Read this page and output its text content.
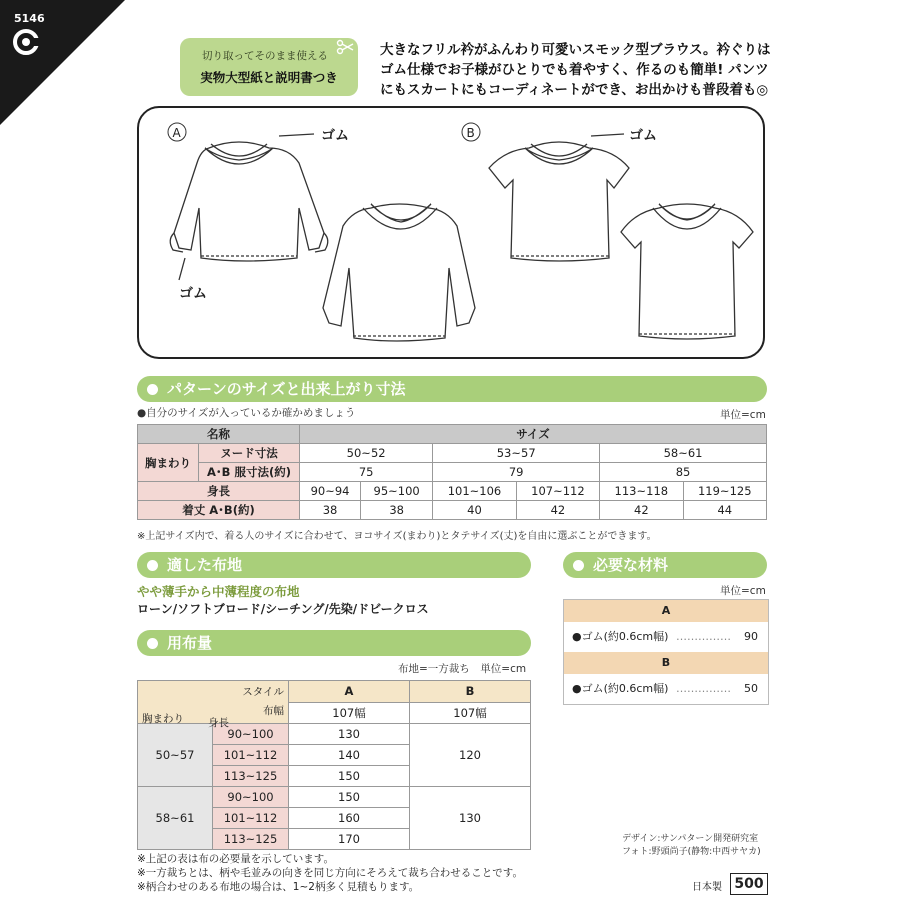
5146
切り取ってそのまま使える
実物大型紙と説明書つき
大きなフリル衿がふんわり可愛いスモック型ブラウス。衿ぐりは
ゴム仕様でお子様がひとりでも着やすく、作るのも簡単! パンツ
にもスカートにもコーディネートができ、お出かけも普段着も◎
A	B
ゴム
ゴム
ゴム
パターンのサイズと出来上がり寸法
●自分のサイズが入っているか確かめましょう	単位=cm
名称		サイズ					
胸まわり	ヌード寸法	50~52		53~57		58~61	
	A･B 服寸法(約)	75		79		85	
身長		90~94	95~100	101~106	107~112	113~118	119~125
着丈 A･B(約)		38	38	40	42	42	44
※上記サイズ内で、着る人のサイズに合わせて、ヨコサイズ(まわり)とタテサイズ(丈)を自由に選ぶことができます。
適した布地
やや薄手から中薄程度の布地
ローン/ソフトブロード/シーチング/先染/ドビークロス
必要な材料
単位=cm
A
●ゴム(約0.6cm幅) …………… 90
B
●ゴム(約0.6cm幅) …………… 50
用布量
布地=一方裁ち　単位=cm
スタイル
布幅
胸まわり 身長		A	B
		107幅	107幅
50~57	90~100	130	120
	101~112	140	
	113~125	150	
58~61	90~100	150	130
	101~112	160	
	113~125	170	
※上記の表は布の必要量を示しています。
※一方裁ちとは、柄や毛並みの向きを同じ方向にそろえて裁ち合わせることです。
※柄合わせのある布地の場合は、1~2柄多く見積もります。
デザイン:サンパターン開発研究室
フォト:野頭尚子(静物:中西サヤカ)
日本製 500
